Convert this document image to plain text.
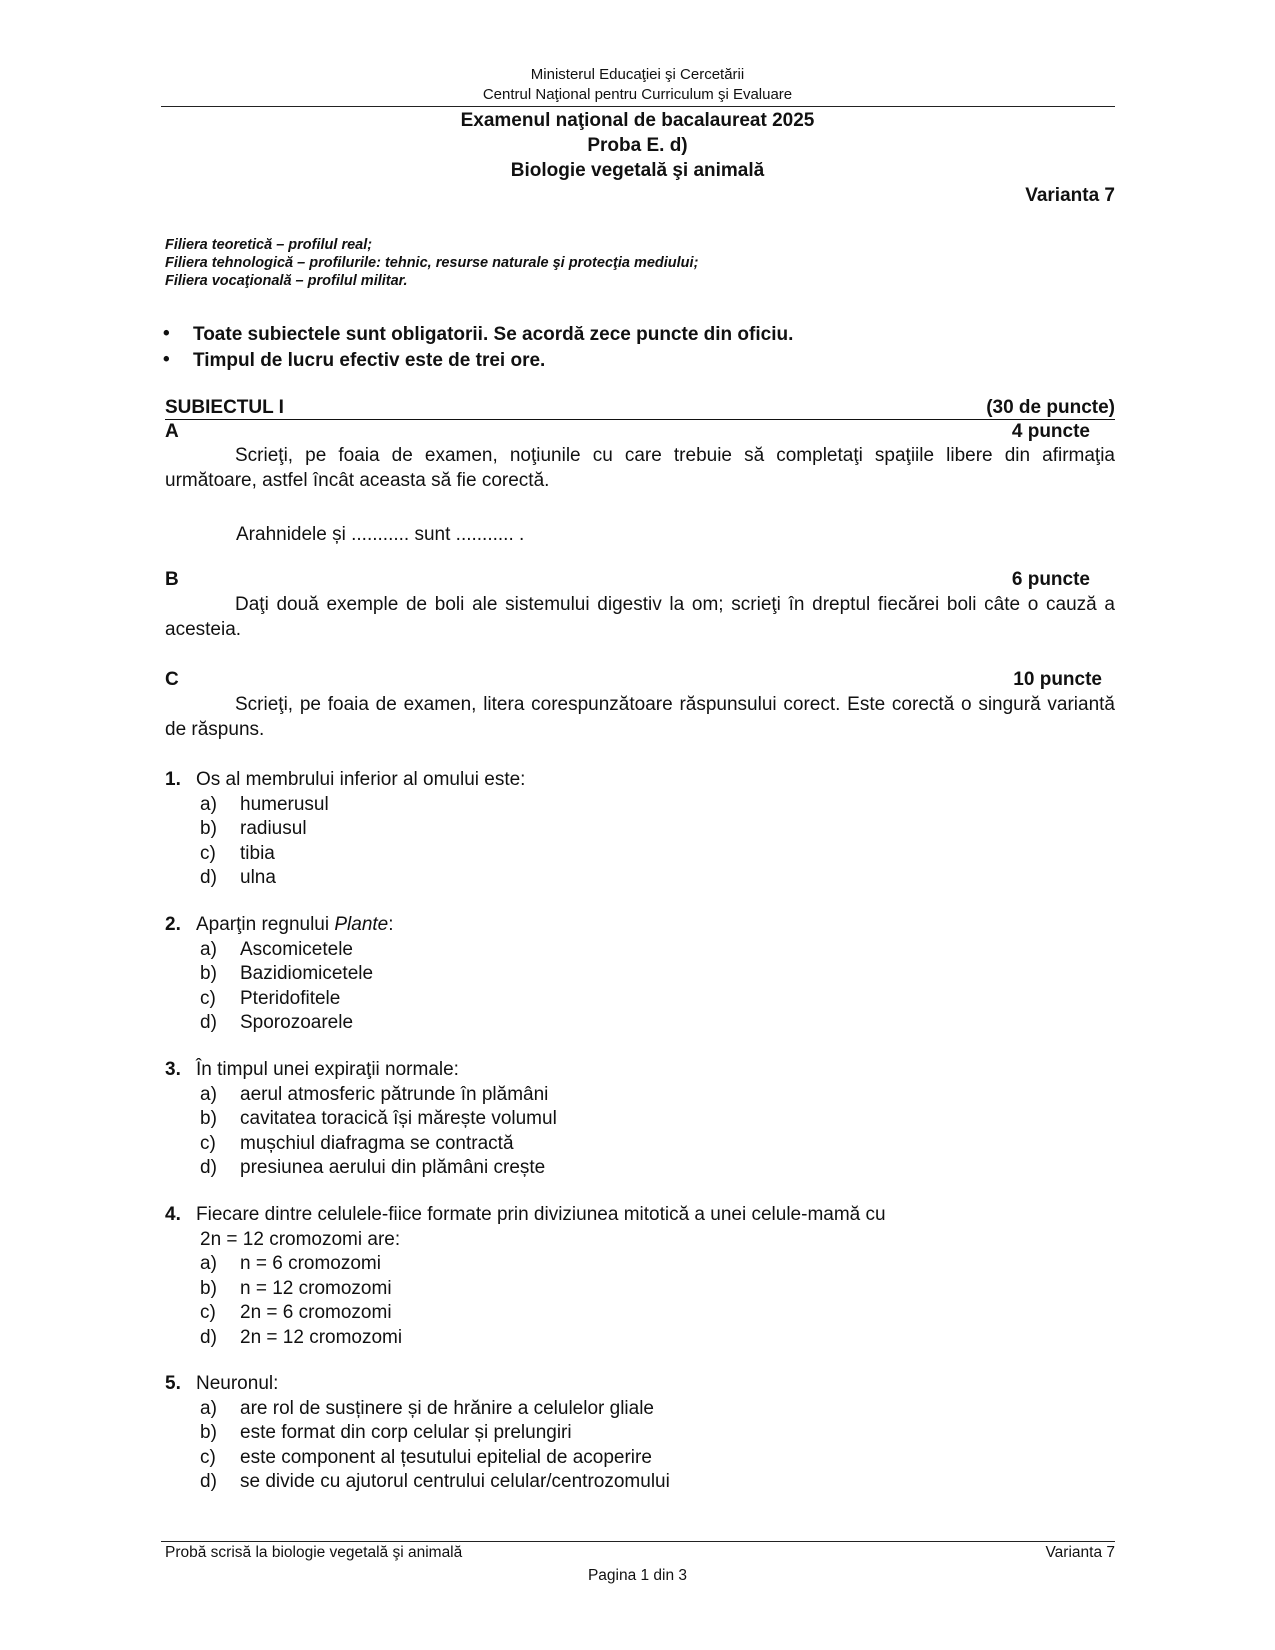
Ministerul Educaţiei şi Cercetării
Centrul Naţional pentru Curriculum şi Evaluare
Examenul naţional de bacalaureat 2025
Proba E. d)
Biologie vegetală şi animală
Varianta 7
Filiera teoretică – profilul real;
Filiera tehnologică – profilurile: tehnic, resurse naturale şi protecţia mediului;
Filiera vocaţională – profilul militar.
• Toate subiectele sunt obligatorii. Se acordă zece puncte din oficiu.
• Timpul de lucru efectiv este de trei ore.
SUBIECTUL I	(30 de puncte)
A	4 puncte
Scrieţi, pe foaia de examen, noţiunile cu care trebuie să completaţi spaţiile libere din afirmaţia următoare, astfel încât aceasta să fie corectă.
Arahnidele și ........... sunt ........... .
B	6 puncte
Daţi două exemple de boli ale sistemului digestiv la om; scrieţi în dreptul fiecărei boli câte o cauză a acesteia.
C	10 puncte
Scrieţi, pe foaia de examen, litera corespunzătoare răspunsului corect. Este corectă o singură variantă de răspuns.
1. Os al membrului inferior al omului este:
a)	humerusul
b)	radiusul
c)	tibia
d)	ulna
2. Aparţin regnului Plante:
a)	Ascomicetele
b)	Bazidiomicetele
c)	Pteridofitele
d)	Sporozoarele
3. În timpul unei expiraţii normale:
a)	aerul atmosferic pătrunde în plămâni
b)	cavitatea toracică își mărește volumul
c)	mușchiul diafragma se contractă
d)	presiunea aerului din plămâni crește
4. Fiecare dintre celulele-fiice formate prin diviziunea mitotică a unei celule-mamă cu
2n = 12 cromozomi are:
a)	n = 6 cromozomi
b)	n = 12 cromozomi
c)	2n = 6 cromozomi
d)	2n = 12 cromozomi
5. Neuronul:
a)	are rol de susținere și de hrănire a celulelor gliale
b)	este format din corp celular și prelungiri
c)	este component al țesutului epitelial de acoperire
d)	se divide cu ajutorul centrului celular/centrozomului
Probă scrisă la biologie vegetală şi animală	Varianta 7
Pagina 1 din 3
